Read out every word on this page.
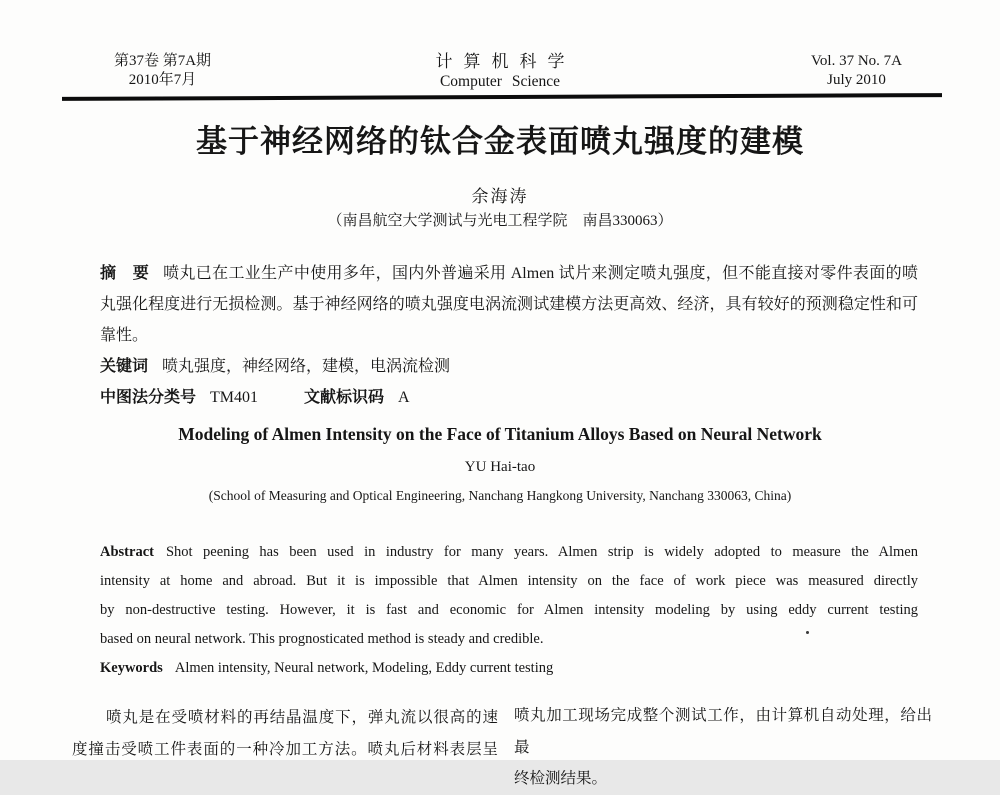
第37卷 第7A期
2010年7月
计算机科学
Computer Science
Vol. 37 No. 7A
July 2010
基于神经网络的钛合金表面喷丸强度的建模
余海涛
（南昌航空大学测试与光电工程学院　南昌330063）
摘　要 喷丸已在工业生产中使用多年，国内外普遍采用 Almen 试片来测定喷丸强度，但不能直接对零件表面的喷
丸强化程度进行无损检测。基于神经网络的喷丸强度电涡流测试建模方法更高效、经济，具有较好的预测稳定性和可
靠性。
关键词 喷丸强度，神经网络，建模，电涡流检测
中图法分类号 TM401	文献标识码 A
Modeling of Almen Intensity on the Face of Titanium Alloys Based on Neural Network
YU Hai-tao
(School of Measuring and Optical Engineering, Nanchang Hangkong University, Nanchang 330063, China)
Abstract Shot peening has been used in industry for many years. Almen strip is widely adopted to measure the Almen
intensity at home and abroad. But it is impossible that Almen intensity on the face of work piece was measured directly
by non-destructive testing. However, it is fast and economic for Almen intensity modeling by using eddy current testing
based on neural network. This prognosticated method is steady and credible.
Keywords Almen intensity, Neural network, Modeling, Eddy current testing
喷丸是在受喷材料的再结晶温度下，弹丸流以很高的速
度撞击受喷工件表面的一种冷加工方法。喷丸后材料表层呈
喷丸加工现场完成整个测试工作，由计算机自动处理，给出最
终检测结果。
